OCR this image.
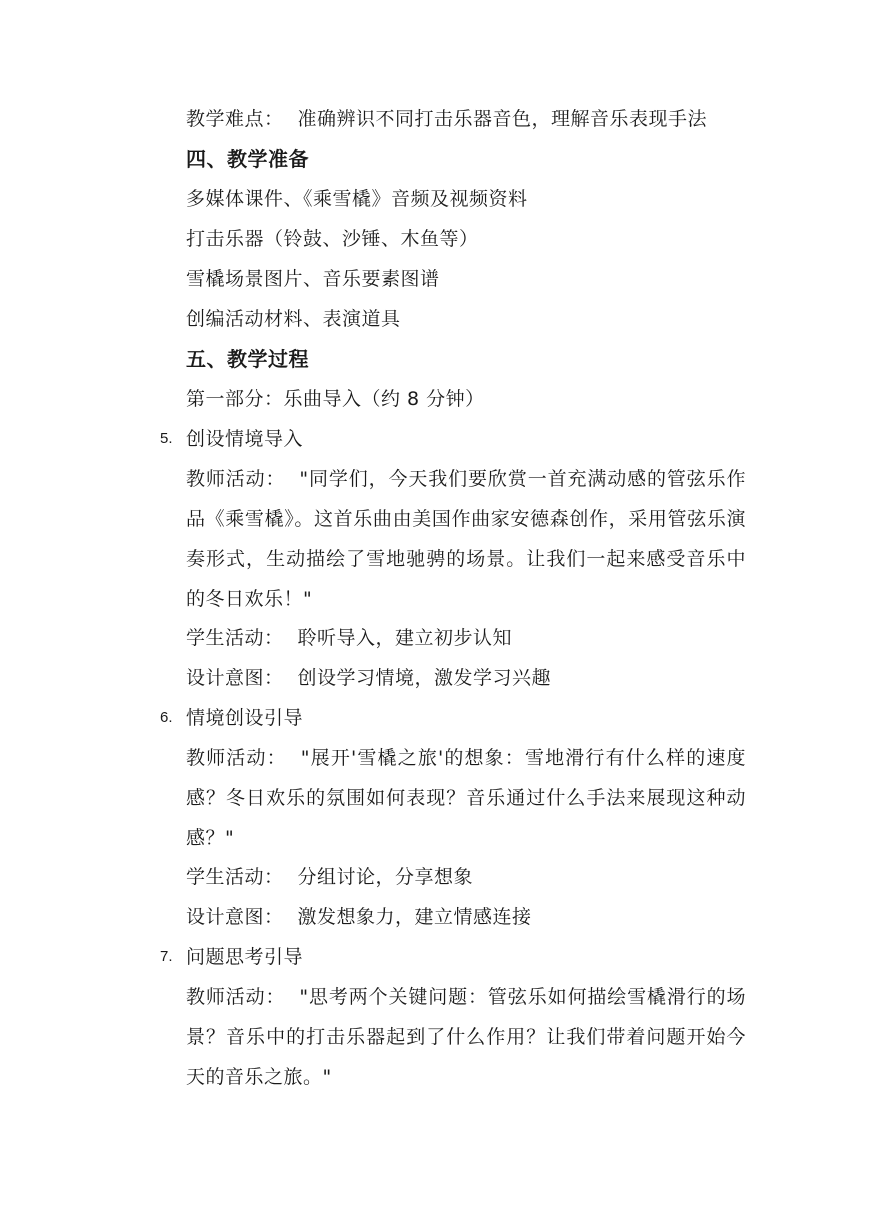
教学难点： 准确辨识不同打击乐器音色，理解音乐表现手法
四、教学准备
多媒体课件、《乘雪橇》音频及视频资料
打击乐器（铃鼓、沙锤、木鱼等）
雪橇场景图片、音乐要素图谱
创编活动材料、表演道具
五、教学过程
第一部分：乐曲导入（约 8 分钟）
5. 创设情境导入
教师活动： "同学们，今天我们要欣赏一首充满动感的管弦乐作品《乘雪橇》。这首乐曲由美国作曲家安德森创作，采用管弦乐演奏形式，生动描绘了雪地驰骋的场景。让我们一起来感受音乐中的冬日欢乐！"
学生活动： 聆听导入，建立初步认知
设计意图： 创设学习情境，激发学习兴趣
6. 情境创设引导
教师活动： "展开'雪橇之旅'的想象：雪地滑行有什么样的速度感？冬日欢乐的氛围如何表现？音乐通过什么手法来展现这种动感？"
学生活动： 分组讨论，分享想象
设计意图： 激发想象力，建立情感连接
7. 问题思考引导
教师活动： "思考两个关键问题：管弦乐如何描绘雪橇滑行的场景？音乐中的打击乐器起到了什么作用？让我们带着问题开始今天的音乐之旅。"
